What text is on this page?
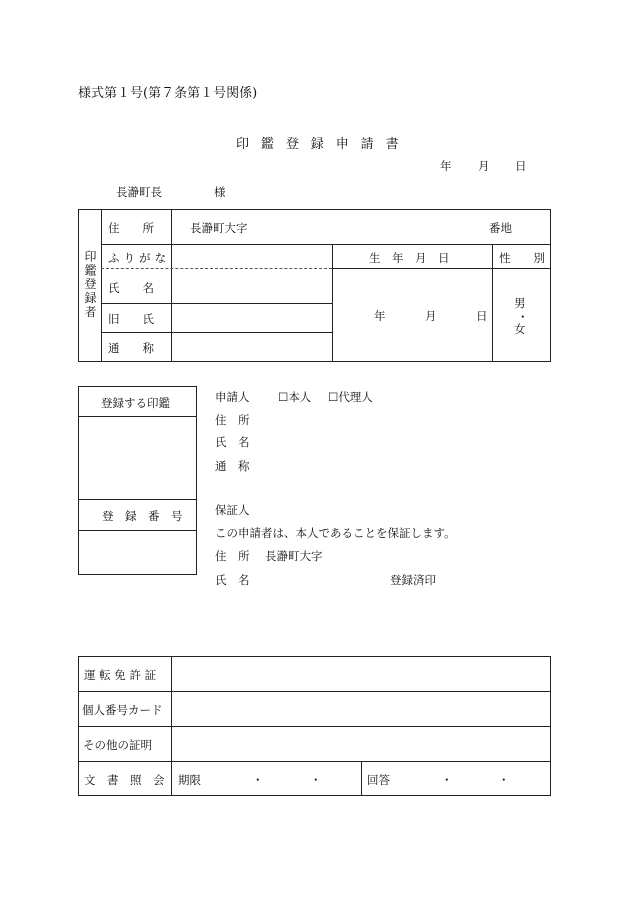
様式第１号(第７条第１号関係)
印 鑑 登 録 申 請 書
年 月 日
長瀞町長	様
印鑑登録者
住　　所	長瀞町大字	番地
ふりがな	生　年　月　日	性　　別
氏　　名
旧　　氏
通　　称
年	月	日
男
・
女
登録する印鑑
登　録　番　号
申請人 ☐本人 ☐代理人
住　所
氏　名
通　称
保証人
この申請者は、本人であることを保証します。
住　所 長瀞町大字
氏　名	登録済印
運 転 免 許 証
個人番号カード
その他の証明
文　書　照　会 期限	・	・	回答	・	・
